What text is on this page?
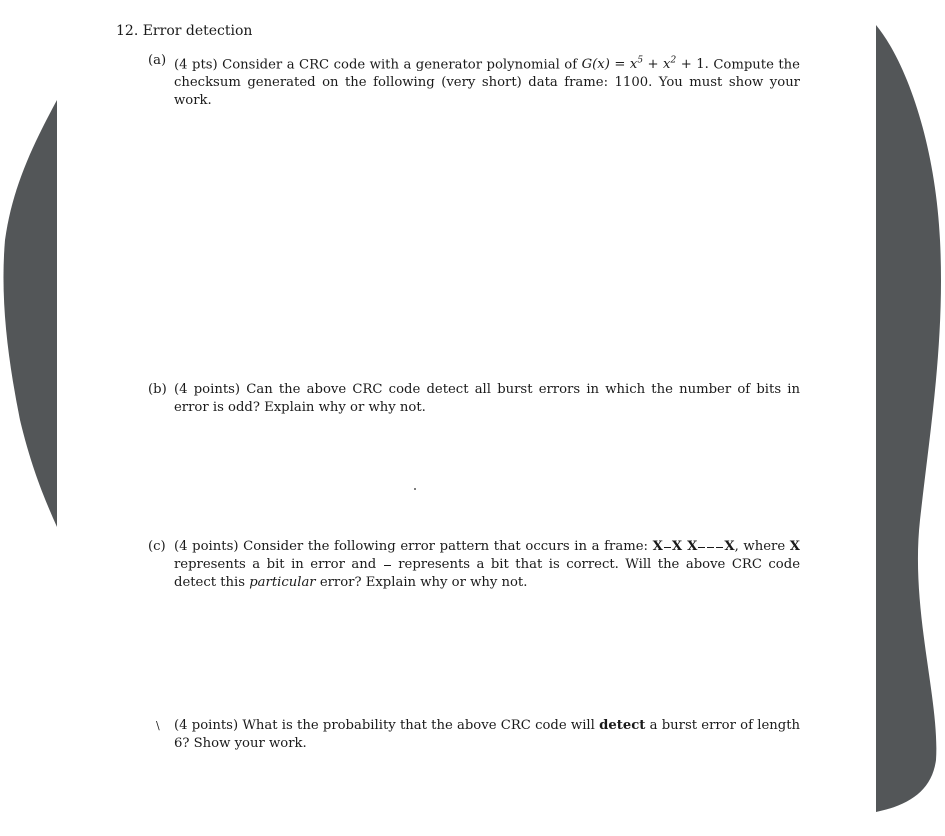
12. Error detection
(a) (4 pts) Consider a CRC code with a generator polynomial of $G(x) = x^5 + x^2 + 1$. Compute the checksum generated on the following (very short) data frame: 1100. You must show your work.

(b) (4 points) Can the above CRC code detect all burst errors in which the number of bits in error is odd? Explain why or why not.

(c) (4 points) Consider the following error pattern that occurs in a frame: X X X X, where X represents a bit in error and represents a bit that is correct. Will the above CRC code detect this particular error? Explain why or why not.

\ (4 points) What is the probability that the above CRC code will detect a burst error of length 6? Show your work.
